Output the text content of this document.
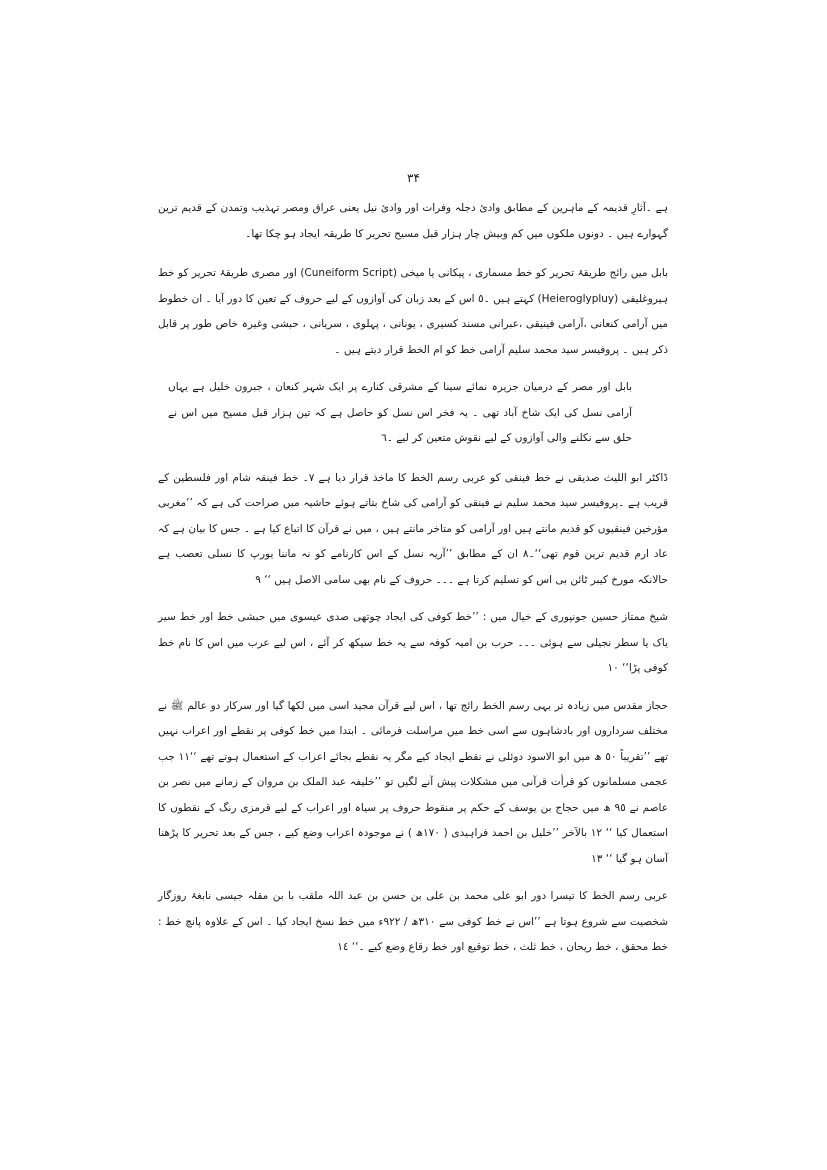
۳۴

ہے ۔آثارِ قدیمہ کے ماہرین کے مطابق وادیٔ دجلہ وفرات اور وادیٔ نیل یعنی عراق ومصر تہذیب وتمدن کے قدیم ترین گہوارے ہیں ۔ دونوں ملکوں میں کم وبیش چار ہزار قبل مسیح تحریر کا طریقہ ایجاد ہو چکا تھا۔

بابل میں رائج طریقۂ تحریر کو خط مسماری ، پیکانی یا میخی (Cuneiform Script) اور مصری طریقۂ تحریر کو خط ہیروغلیفی (Heieroglypluy) کہتے ہیں ۔٥ اس کے بعد زبان کی آوازوں کے لیے حروف کے تعین کا دور آیا ۔ ان خطوط میں آرامی کنعانی ،آرامی فینیقی ،عبرانی مسند کسیری ، یونانی ، پہلوی ، سریانی ، حبشی وغیرہ خاص طور پر قابل ذکر ہیں ۔ پروفیسر سید محمد سلیم آرامی خط کو ام الخط قرار دیتے ہیں ۔

بابل اور مصر کے درمیان جزیرہ نمائے سینا کے مشرقی کنارے پر ایک شہر کنعان ، جبرون خلیل ہے یہاں آرامی نسل کی ایک شاخ آباد تھی ۔ یہ فخر اس نسل کو حاصل ہے کہ تین ہزار قبل مسیح میں اس نے حلق سے نکلنے والی آوازوں کے لیے نقوش متعین کر لیے ۔٦

ڈاکٹر ابو اللیث صدیقی نے خط فینقی کو عربی رسم الخط کا ماخذ قرار دیا ہے ٧۔ خط فینقہ شام اور فلسطین کے قریب ہے ۔پروفیسر سید محمد سلیم نے فینقی کو آرامی کی شاخ بتاتے ہوئے حاشیہ میں صراحت کی ہے کہ ’’مغربی مؤرخین فینقیوں کو قدیم مانتے ہیں اور آرامی کو متاخر مانتے ہیں ، میں نے قرآن کا اتباع کیا ہے ۔ جس کا بیان ہے کہ عاد ارم قدیم ترین قوم تھی‘‘۔٨ ان کے مطابق ’’آریہ نسل کے اس کارنامے کو نہ ماننا یورپ کا نسلی تعصب ہے حالانکہ مورخ کیبر ٹائن بی اس کو تسلیم کرتا ہے ۔۔۔ حروف کے نام بھی سامی الاصل ہیں ‘‘ ٩

شیخ ممتاز حسین جونپوری کے خیال میں : ’’خط کوفی کی ایجاد چوتھی صدی عیسوی میں حبشی خط اور خط سیر یاک یا سطر نجیلی سے ہوئی ۔۔۔ حرب بن امیہ کوفہ سے یہ خط سیکھ کر آئے ، اس لیے عرب میں اس کا نام خط کوفی پڑا‘‘ ١٠

حجاز مقدس میں زیادہ تر یہی رسم الخط رائج تھا ، اس لیے قرآن مجید اسی میں لکھا گیا اور سرکار دو عالم ﷺ نے مختلف سرداروں اور بادشاہوں سے اسی خط میں مراسلت فرمائی ۔ ابتدا میں خط کوفی پر نقطے اور اعراب نہیں تھے ’’تقریباً ٥٠ ھ میں ابو الاسود دوئلی نے نقطے ایجاد کیے مگر یہ نقطے بجائے اعراب کے استعمال ہوتے تھے ‘‘١١ جب عجمی مسلمانوں کو قرأت قرآنی میں مشکلات پیش آنے لگیں تو ’’خلیفہ عبد الملک بن مروان کے زمانے میں نصر بن عاصم نے ٩٥ ھ میں حجاج بن یوسف کے حکم پر منقوط حروف پر سیاہ اور اعراب کے لیے قرمزی رنگ کے نقطوں کا استعمال کیا ‘‘ ١٢ بالآخر ’’خلیل بن احمد فراہیدی ( ١٧٠ھ ) نے موجودہ اعراب وضع کیے ، جس کے بعد تحریر کا پڑھنا آسان ہو گیا ‘‘ ١٣

عربی رسم الخط کا تیسرا دور ابو علی محمد بن علی بن حسن بن عبد اللہ ملقب با بن مقلہ جیسی نابغۂ روزگار شخصیت سے شروع ہوتا ہے ’’اس نے خط کوفی سے ٣١٠ھ / ٩٢٢ء میں خط نسخ ایجاد کیا ۔ اس کے علاوہ پانچ خط : خط محقق ، خط ریحان ، خط ثلث ، خط توقیع اور خط رقاع وضع کیے ۔‘‘ ١٤
